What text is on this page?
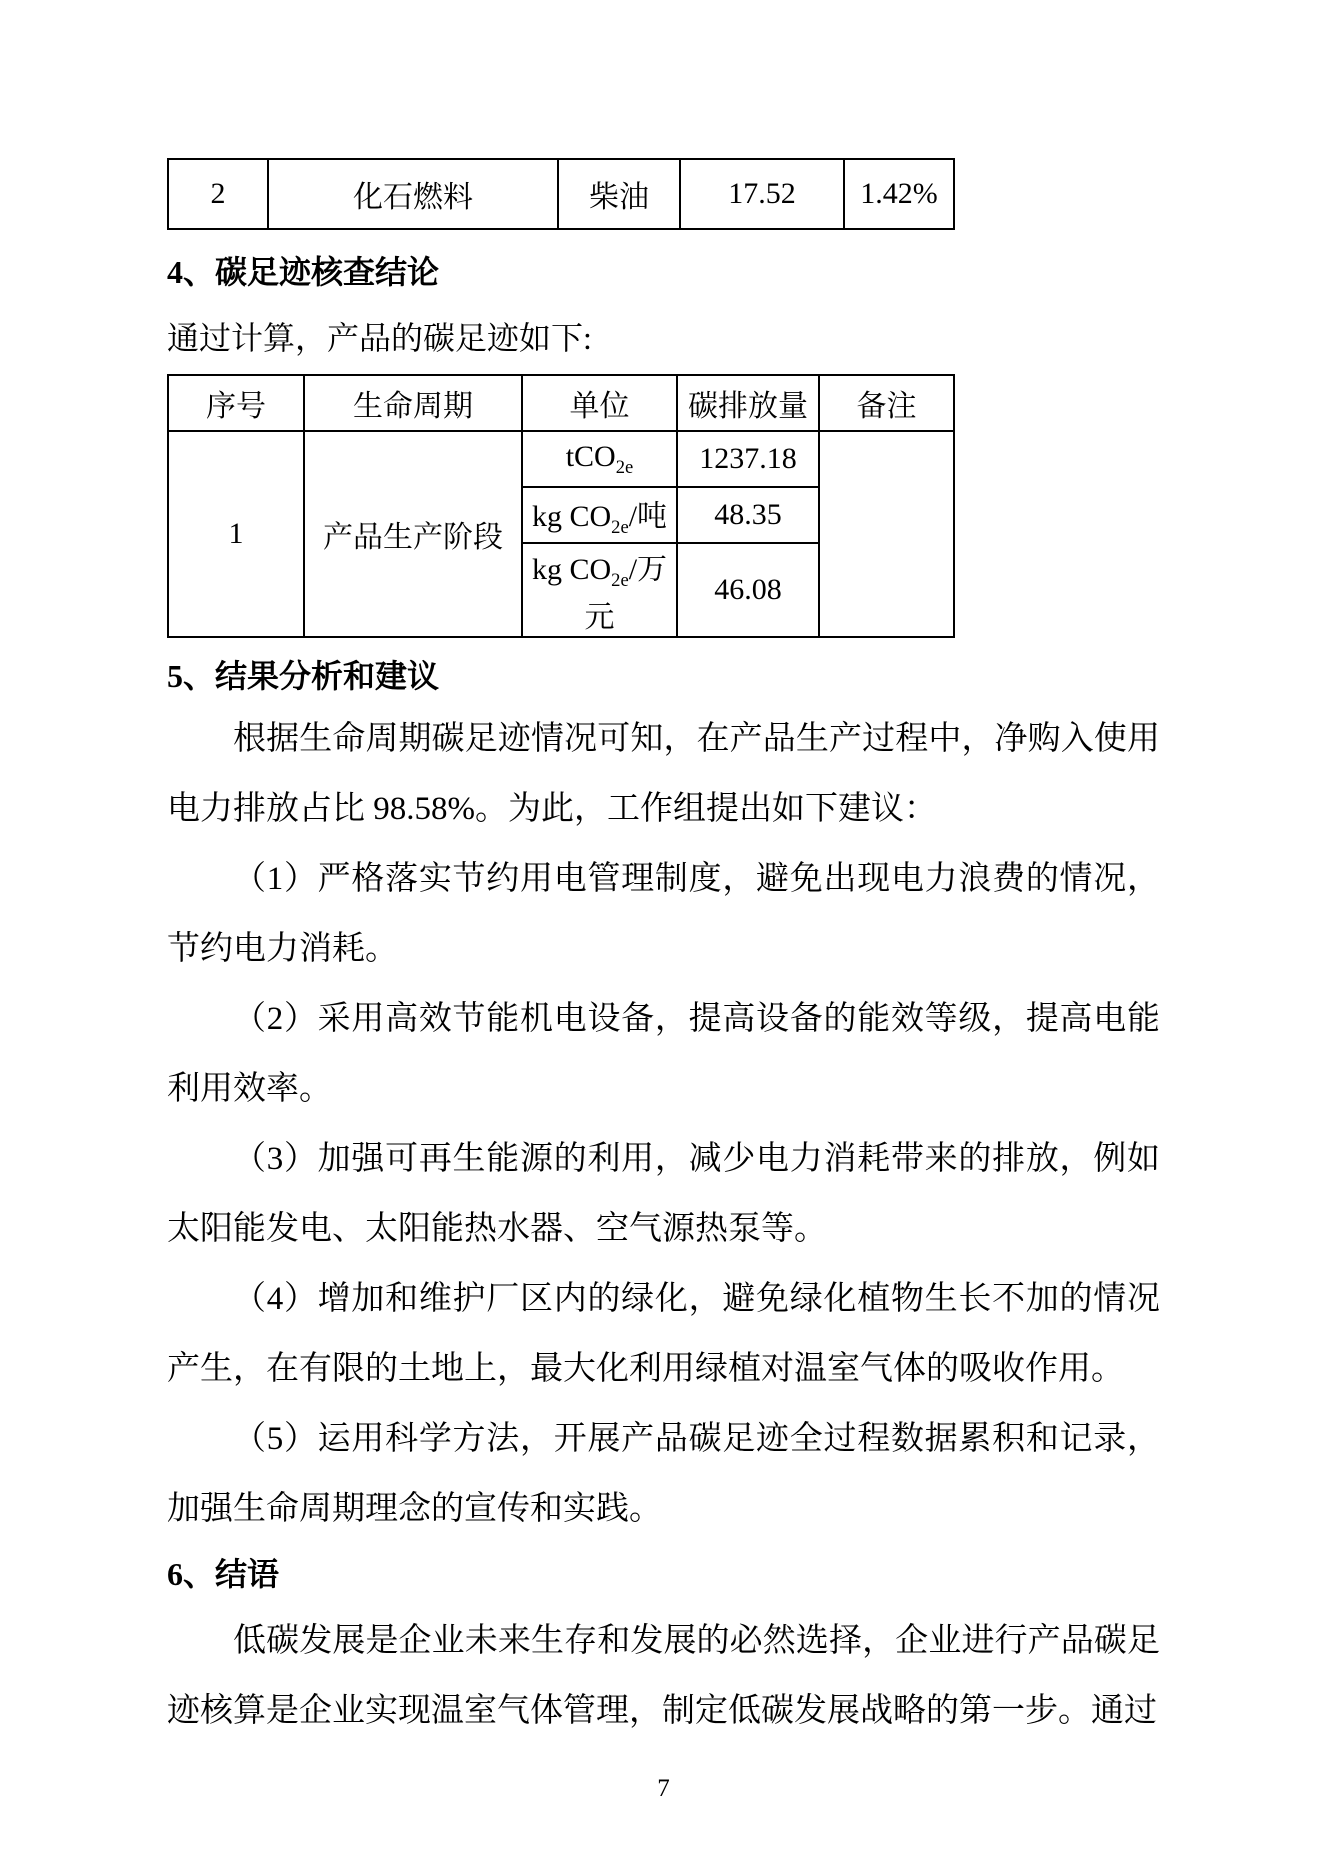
2	化石燃料	柴油	17.52	1.42%
4、碳足迹核查结论
通过计算，产品的碳足迹如下:
序号	生命周期	单位	碳排放量	备注
1	产品生产阶段	tCO$_{2e}$	1237.18	
		kg $CO_{2e}/$吨	48.35	
		kg $CO_{2e}/$万元	46.08	
5、结果分析和建议

根据生命周期碳足迹情况可知，在产品生产过程中，净购入使用电力排放占比 98.58%。为此，工作组提出如下建议：

（1）严格落实节约用电管理制度，避免出现电力浪费的情况，节约电力消耗。

（2）采用高效节能机电设备，提高设备的能效等级，提高电能利用效率。

（3）加强可再生能源的利用，减少电力消耗带来的排放，例如太阳能发电、太阳能热水器、空气源热泵等。

（4）增加和维护厂区内的绿化，避免绿化植物生长不加的情况产生，在有限的土地上，最大化利用绿植对温室气体的吸收作用。

（5）运用科学方法，开展产品碳足迹全过程数据累积和记录，加强生命周期理念的宣传和实践。

6、结语

低碳发展是企业未来生存和发展的必然选择，企业进行产品碳足迹核算是企业实现温室气体管理，制定低碳发展战略的第一步。通过

7
